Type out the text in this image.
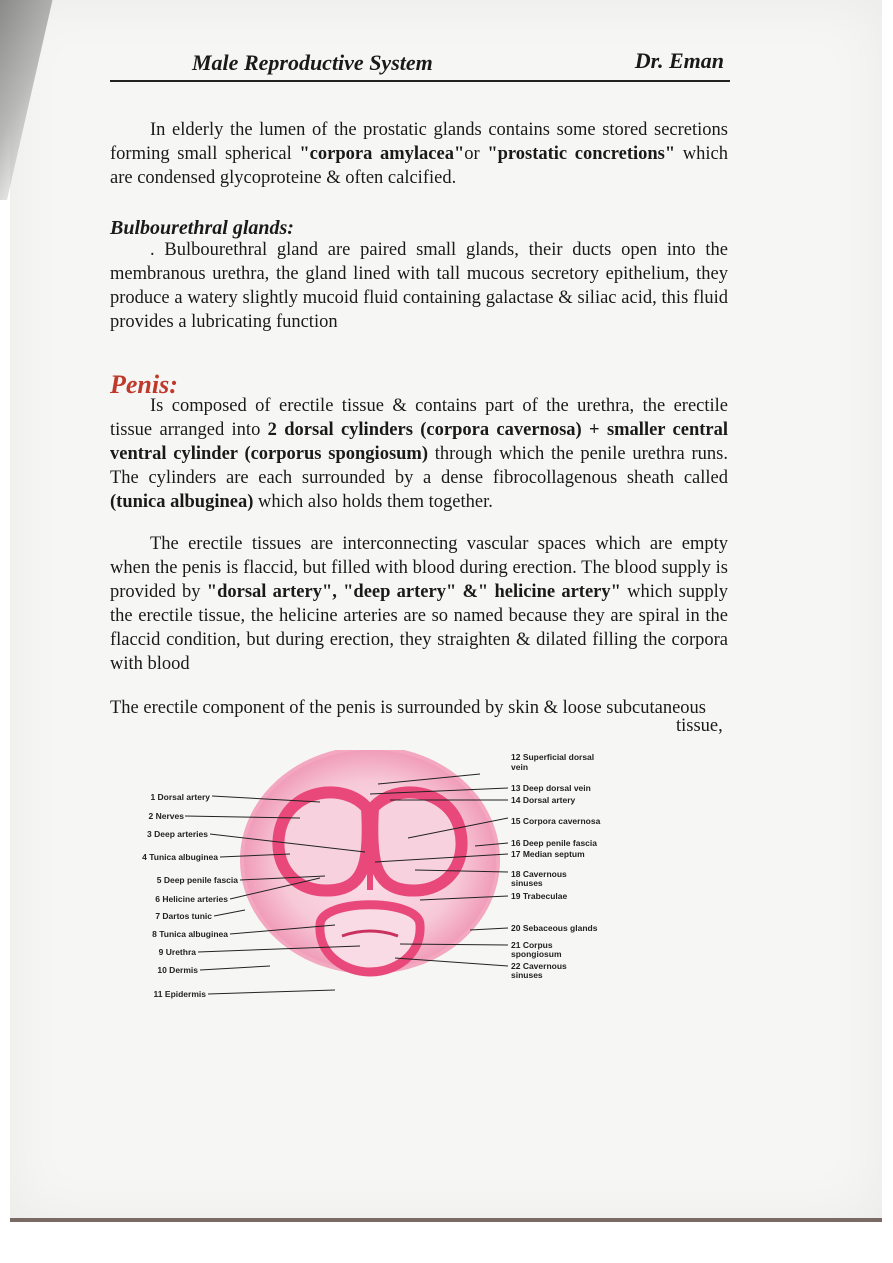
Male Reproductive System	Dr. Eman
In elderly the lumen of the prostatic glands contains some stored secretions forming small spherical "corpora amylacea"or "prostatic concretions" which are condensed glycoproteine & often calcified.
Bulbourethral glands:
. Bulbourethral gland are paired small glands, their ducts open into the membranous urethra, the gland lined with tall mucous secretory epithelium, they produce a watery slightly mucoid fluid containing galactase & siliac acid, this fluid provides a lubricating function
Penis:
Is composed of erectile tissue & contains part of the urethra, the erectile tissue arranged into 2 dorsal cylinders (corpora cavernosa) + smaller central ventral cylinder (corporus spongiosum) through which the penile urethra runs. The cylinders are each surrounded by a dense fibrocollagenous sheath called (tunica albuginea) which also holds them together.
The erectile tissues are interconnecting vascular spaces which are empty when the penis is flaccid, but filled with blood during erection. The blood supply is provided by "dorsal artery", "deep artery" &" helicine artery" which supply the erectile tissue, the helicine arteries are so named because they are spiral in the flaccid condition, but during erection, they straighten & dilated filling the corpora with blood
The erectile component of the penis is surrounded by skin & loose subcutaneous
tissue,
1 Dorsal artery
2 Nerves
3 Deep arteries
4 Tunica albuginea
5 Deep penile fascia
6 Helicine arteries
7 Dartos tunic
8 Tunica albuginea
9 Urethra
10 Dermis
11 Epidermis
12 Superficial dorsal
vein
13 Deep dorsal vein
14 Dorsal artery
15 Corpora cavernosa
16 Deep penile fascia
17 Median septum
18 Cavernous
sinuses
19 Trabeculae
20 Sebaceous glands
21 Corpus
spongiosum
22 Cavernous
sinuses
